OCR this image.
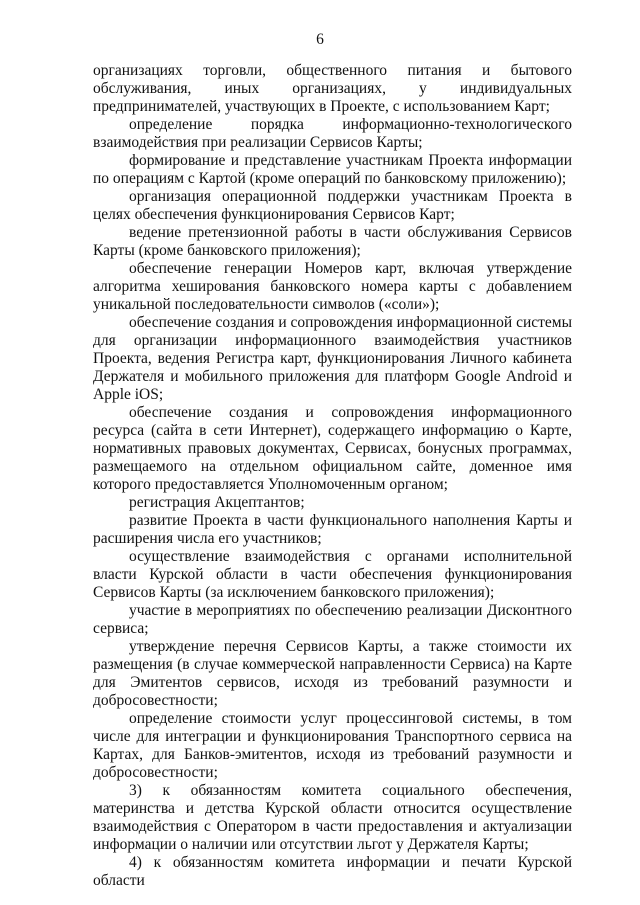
6

организациях торговли, общественного питания и бытового обслуживания, иных организациях, у индивидуальных предпринимателей, участвующих в Проекте, с использованием Карт;

определение порядка информационно-технологического взаимодействия при реализации Сервисов Карты;

формирование и представление участникам Проекта информации по операциям с Картой (кроме операций по банковскому приложению);

организация операционной поддержки участникам Проекта в целях обеспечения функционирования Сервисов Карт;

ведение претензионной работы в части обслуживания Сервисов Карты (кроме банковского приложения);

обеспечение генерации Номеров карт, включая утверждение алгоритма хеширования банковского номера карты с добавлением уникальной последовательности символов («соли»);

обеспечение создания и сопровождения информационной системы для организации информационного взаимодействия участников Проекта, ведения Регистра карт, функционирования Личного кабинета Держателя и мобильного приложения для платформ Google Android и Apple iOS;

обеспечение создания и сопровождения информационного ресурса (сайта в сети Интернет), содержащего информацию о Карте, нормативных правовых документах, Сервисах, бонусных программах, размещаемого на отдельном официальном сайте, доменное имя которого предоставляется Уполномоченным органом;

регистрация Акцептантов;

развитие Проекта в части функционального наполнения Карты и расширения числа его участников;

осуществление взаимодействия с органами исполнительной власти Курской области в части обеспечения функционирования Сервисов Карты (за исключением банковского приложения);

участие в мероприятиях по обеспечению реализации Дисконтного сервиса;

утверждение перечня Сервисов Карты, а также стоимости их размещения (в случае коммерческой направленности Сервиса) на Карте для Эмитентов сервисов, исходя из требований разумности и добросовестности;

определение стоимости услуг процессинговой системы, в том числе для интеграции и функционирования Транспортного сервиса на Картах, для Банков-эмитентов, исходя из требований разумности и добросовестности;

3) к обязанностям комитета социального обеспечения, материнства и детства Курской области относится осуществление взаимодействия с Оператором в части предоставления и актуализации информации о наличии или отсутствии льгот у Держателя Карты;

4) к обязанностям комитета информации и печати Курской области
